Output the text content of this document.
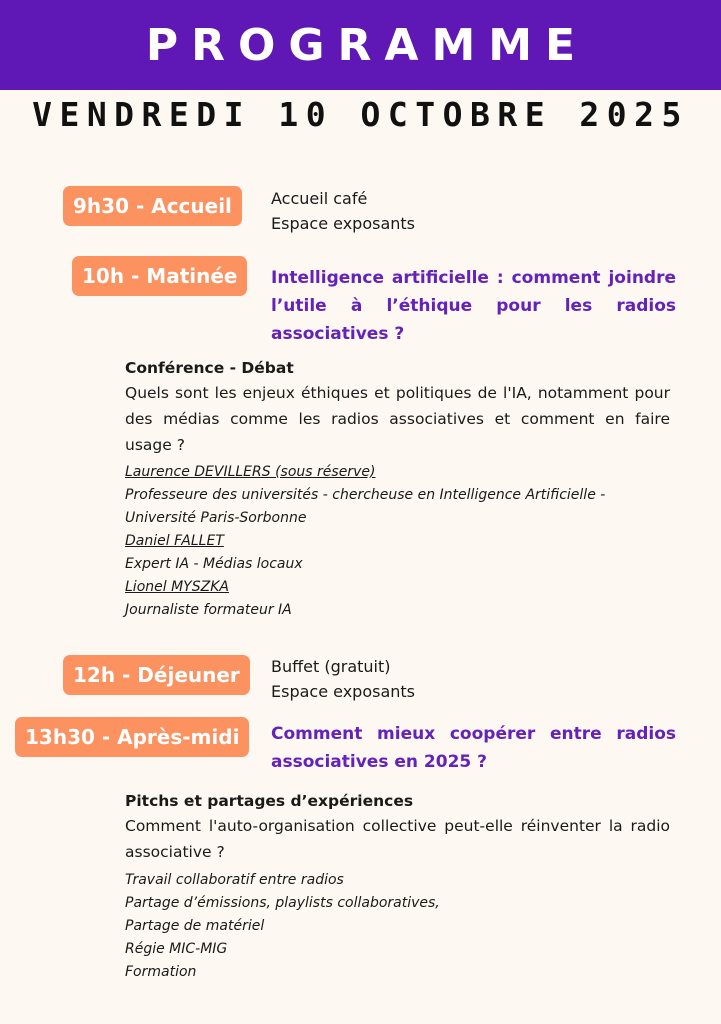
PROGRAMME
VENDREDI 10 OCTOBRE 2025
9h30 - Accueil	Accueil café
Espace exposants
10h - Matinée	Intelligence artificielle : comment joindre l’utile à l’éthique pour les radios associatives ?

Conférence - Débat

Quels sont les enjeux éthiques et politiques de l'IA, notamment pour des médias comme les radios associatives et comment en faire usage ?

Laurence DEVILLERS (sous réserve)

Professeure des universités - chercheuse en Intelligence Artificielle - Université Paris-Sorbonne

Daniel FALLET

Expert IA - Médias locaux

Lionel MYSZKA

Journaliste formateur IA

12h - Déjeuner	Buffet (gratuit)
Espace exposants
13h30 - Après-midi	Comment mieux coopérer entre radios associatives en 2025 ?

Pitchs et partages d’expériences

Comment l'auto-organisation collective peut-elle réinventer la radio associative ?

Travail collaboratif entre radios

Partage d’émissions, playlists collaboratives,

Partage de matériel

Régie MIC-MIG

Formation
